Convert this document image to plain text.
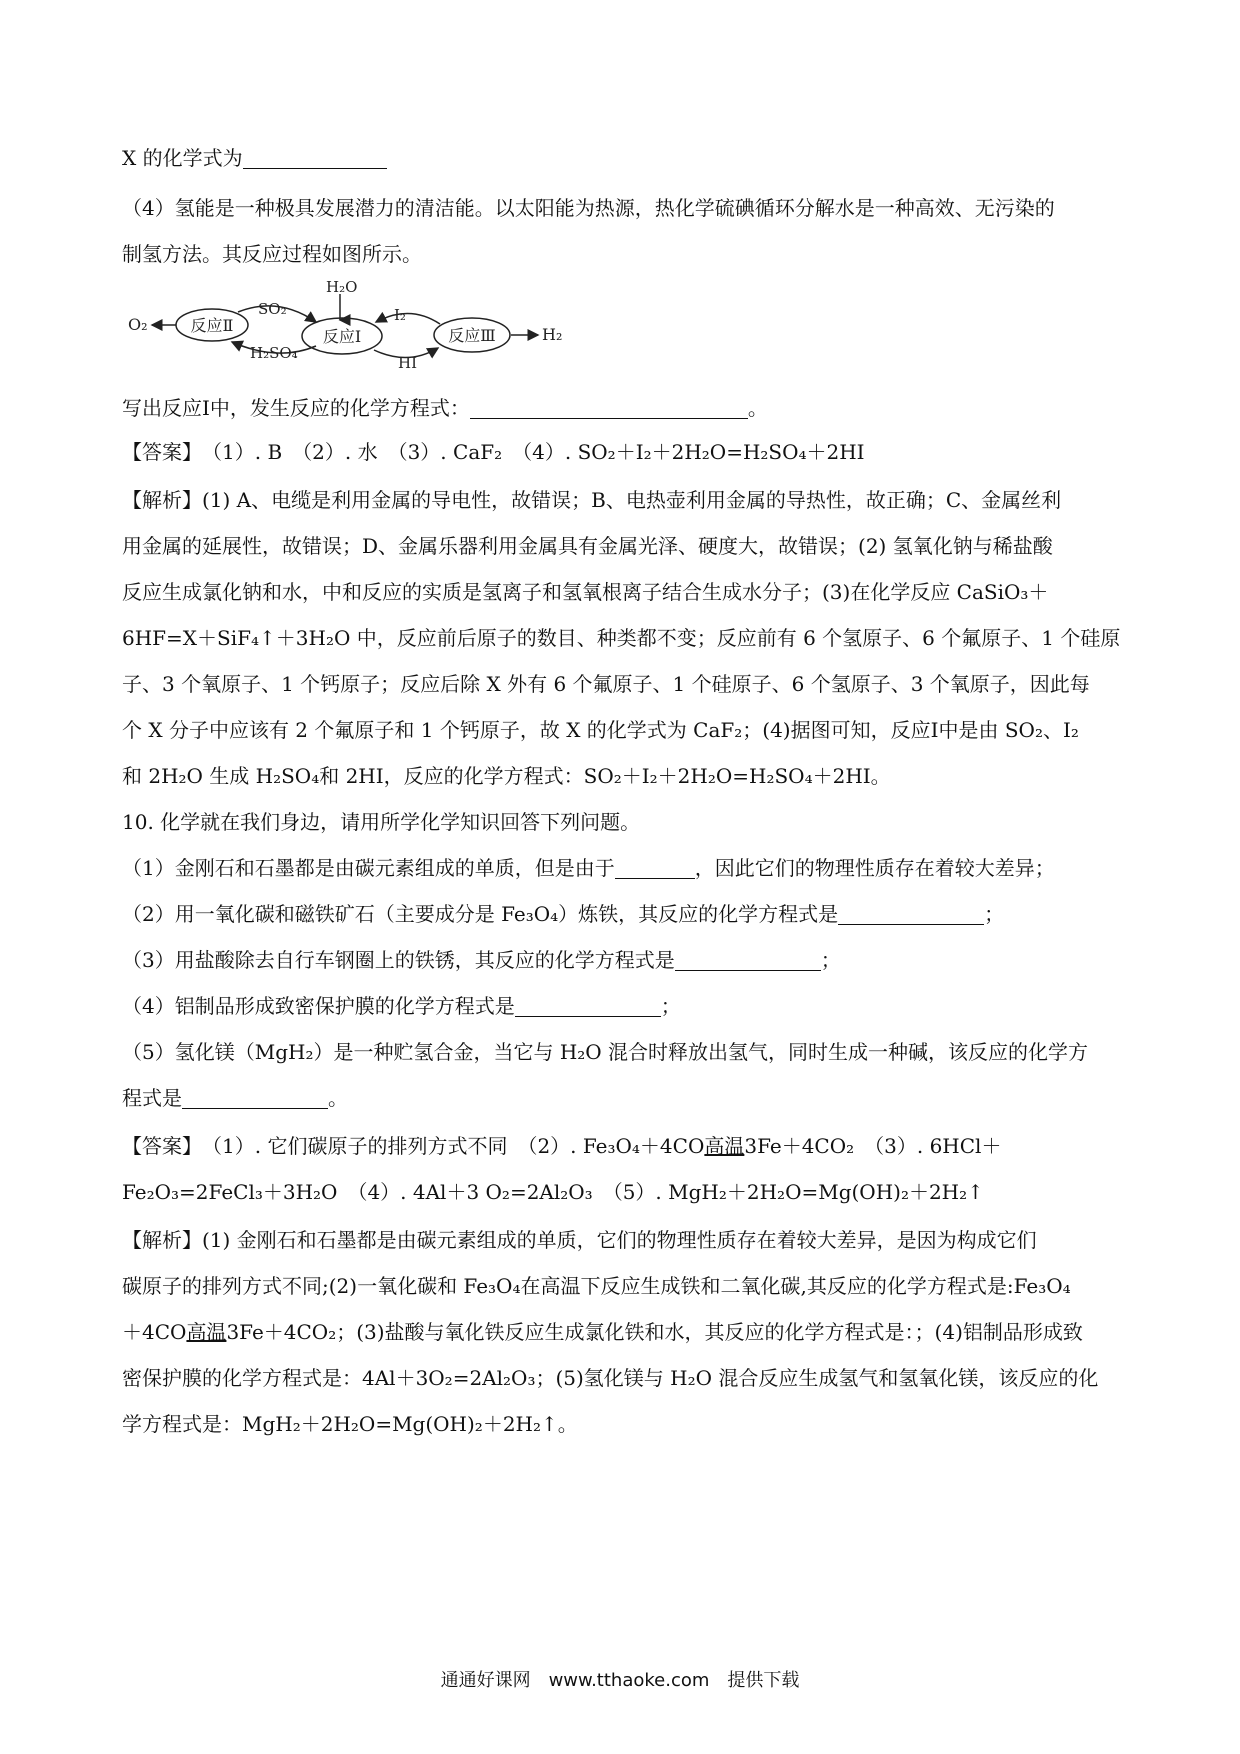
X 的化学式为
（4）氢能是一种极具发展潜力的清洁能。以太阳能为热源，热化学硫碘循环分解水是一种高效、无污染的
制氢方法。其反应过程如图所示。
O₂	反应Ⅱ
SO₂
H₂SO₄
H₂O
反应Ⅰ
I₂
HI
反应Ⅲ	H₂
写出反应Ⅰ中，发生反应的化学方程式：	。
【答案】　（1）. B　（2）. 水　（3）. CaF₂　（4）. SO₂＋I₂＋2H₂O=H₂SO₄＋2HI
【解析】(1) A、电缆是利用金属的导电性，故错误；B、电热壶利用金属的导热性，故正确；C、金属丝利
用金属的延展性，故错误；D、金属乐器利用金属具有金属光泽、硬度大，故错误；(2) 氢氧化钠与稀盐酸
反应生成氯化钠和水，中和反应的实质是氢离子和氢氧根离子结合生成水分子；(3)在化学反应 CaSiO₃＋
6HF=X＋SiF₄↑＋3H₂O 中，反应前后原子的数目、种类都不变；反应前有 6 个氢原子、6 个氟原子、1 个硅原
子、3 个氧原子、1 个钙原子；反应后除 X 外有 6 个氟原子、1 个硅原子、6 个氢原子、3 个氧原子，因此每
个 X 分子中应该有 2 个氟原子和 1 个钙原子，故 X 的化学式为 CaF₂；(4)据图可知，反应Ⅰ中是由 SO₂、I₂
和 2H₂O 生成 H₂SO₄和 2HI，反应的化学方程式：SO₂＋I₂＋2H₂O=H₂SO₄＋2HI。
10. 化学就在我们身边，请用所学化学知识回答下列问题。
（1）金刚石和石墨都是由碳元素组成的单质，但是由于	，因此它们的物理性质存在着较大差异；
（2）用一氧化碳和磁铁矿石（主要成分是 Fe₃O₄）炼铁，其反应的化学方程式是	；
（3）用盐酸除去自行车钢圈上的铁锈，其反应的化学方程式是	；
（4）铝制品形成致密保护膜的化学方程式是	；
（5）氢化镁（MgH₂）是一种贮氢合金，当它与 H₂O 混合时释放出氢气，同时生成一种碱，该反应的化学方
程式是	。
【答案】　（1）. 它们碳原子的排列方式不同　（2）. Fe₃O₄＋4CO高温3Fe＋4CO₂　（3）. 6HCl＋
Fe₂O₃=2FeCl₃＋3H₂O　（4）. 4Al＋3 O₂=2Al₂O₃　（5）. MgH₂＋2H₂O=Mg(OH)₂＋2H₂↑
【解析】(1) 金刚石和石墨都是由碳元素组成的单质，它们的物理性质存在着较大差异，是因为构成它们
碳原子的排列方式不同;(2)一氧化碳和 Fe₃O₄在高温下反应生成铁和二氧化碳,其反应的化学方程式是:Fe₃O₄
＋4CO高温3Fe＋4CO₂；(3)盐酸与氧化铁反应生成氯化铁和水，其反应的化学方程式是：；(4)铝制品形成致
密保护膜的化学方程式是：4Al＋3O₂=2Al₂O₃；(5)氢化镁与 H₂O 混合反应生成氢气和氢氧化镁，该反应的化
学方程式是：MgH₂＋2H₂O=Mg(OH)₂＋2H₂↑。
通通好课网　www.tthaoke.com　提供下载
